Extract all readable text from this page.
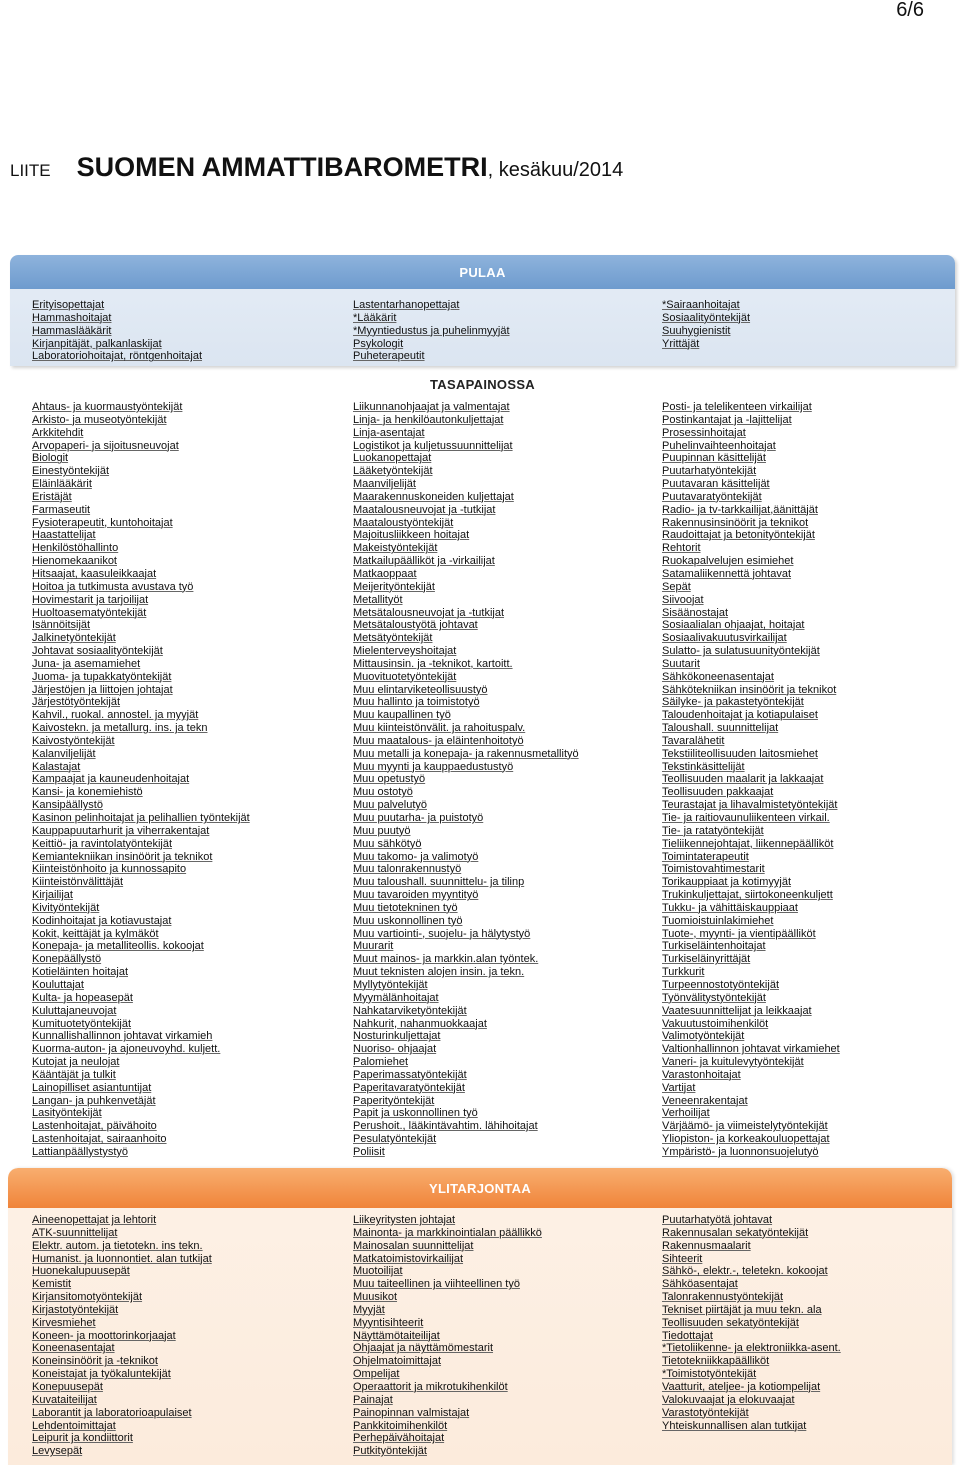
6/6
LIITE SUOMEN AMMATTIBAROMETRI, kesäkuu/2014
PULAA
Erityisopettajat
Hammashoitajat
Hammaslääkärit
Kirjanpitäjät, palkanlaskijat
Laboratoriohoitajat, röntgenhoitajat
Lastentarhanopettajat
*Lääkärit
*Myyntiedustus ja puhelinmyyjät
Psykologit
Puheterapeutit
*Sairaanhoitajat
Sosiaalityöntekijät
Suuhygienistit
Yrittäjät
TASAPAINOSSA
Ahtaus- ja kuormaustyöntekijät
Arkisto- ja museotyöntekijät
Arkkitehdit
Arvopaperi- ja sijoitusneuvojat
Biologit
Einestyöntekijät
Eläinlääkärit
Eristäjät
Farmaseutit
Fysioterapeutit, kuntohoitajat
Haastattelijat
Henkilöstöhallinto
Hienomekaanikot
Hitsaajat, kaasuleikkaajat
Hoitoa ja tutkimusta avustava työ
Hovimestarit ja tarjoilijat
Huoltoasematyöntekijät
Isännöitsijät
Jalkinetyöntekijät
Johtavat sosiaalityöntekijät
Juna- ja asemamiehet
Juoma- ja tupakkatyöntekijät
Järjestöjen ja liittojen johtajat
Järjestötyöntekijät
Kahvil., ruokal. annostel. ja myyjät
Kaivostekn. ja metallurg. ins. ja tekn
Kaivostyöntekijät
Kalanviljelijät
Kalastajat
Kampaajat ja kauneudenhoitajat
Kansi- ja konemiehistö
Kansipäällystö
Kasinon pelinhoitajat ja pelihallien työntekijät
Kauppapuutarhurit ja viherrakentajat
Keittiö- ja ravintolatyöntekijät
Kemiantekniikan insinöörit ja teknikot
Kiinteistönhoito ja kunnossapito
Kiinteistönvälittäjät
Kirjailijat
Kivityöntekijät
Kodinhoitajat ja kotiavustajat
Kokit, keittäjät ja kylmäköt
Konepaja- ja metalliteollis. kokoojat
Konepäällystö
Kotieläinten hoitajat
Kouluttajat
Kulta- ja hopeasepät
Kuluttajaneuvojat
Kumituotetyöntekijät
Kunnallishallinnon johtavat virkamieh
Kuorma-auton- ja ajoneuvoyhd. kuljett.
Kutojat ja neulojat
Kääntäjät ja tulkit
Lainopilliset asiantuntijat
Langan- ja puhkenvetäjät
Lasityöntekijät
Lastenhoitajat, päivähoito
Lastenhoitajat, sairaanhoito
Lattianpäällystystyö
Liikunnanohjaajat ja valmentajat
Linja- ja henkilöautonkuljettajat
Linja-asentajat
Logistikot ja kuljetussuunnittelijat
Luokanopettajat
Lääketyöntekijät
Maanviljelijät
Maarakennuskoneiden kuljettajat
Maatalousneuvojat ja -tutkijat
Maataloustyöntekijät
Majoitusliikkeen hoitajat
Makeistyöntekijät
Matkailupäälliköt ja -virkailijat
Matkaoppaat
Meijerityöntekijät
Metallityöt
Metsätalousneuvojat ja -tutkijat
Metsätaloustyötä johtavat
Metsätyöntekijät
Mielenterveyshoitajat
Mittausinsin. ja -teknikot, kartoitt.
Muovituotetyöntekijät
Muu elintarviketeollisuustyö
Muu hallinto ja toimistotyö
Muu kaupallinen työ
Muu kiinteistönvälit. ja rahoituspalv.
Muu maatalous- ja eläintenhoitotyö
Muu metalli ja konepaja- ja rakennusmetallityö
Muu myynti ja kauppaedustustyö
Muu opetustyö
Muu ostotyö
Muu palvelutyö
Muu puutarha- ja puistotyö
Muu puutyö
Muu sähkötyö
Muu takomo- ja valimotyö
Muu talonrakennustyö
Muu taloushall. suunnittelu- ja tilinp
Muu tavaroiden myyntityö
Muu tietotekninen työ
Muu uskonnollinen työ
Muu vartiointi-, suojelu- ja hälytystyö
Muurarit
Muut mainos- ja markkin.alan työntek.
Muut teknisten alojen insin. ja tekn.
Myllytyöntekijät
Myymälänhoitajat
Nahkatarviketyöntekijät
Nahkurit, nahanmuokkaajat
Nosturinkuljettajat
Nuoriso- ohjaajat
Palomiehet
Paperimassatyöntekijät
Paperitavaratyöntekijät
Paperityöntekijät
Papit ja uskonnollinen työ
Perushoit., lääkintävahtim. lähihoitajat
Pesulatyöntekijät
Poliisit
Posti- ja telelikenteen virkailijat
Postinkantajat ja -lajittelijat
Prosessinhoitajat
Puhelinvaihteenhoitajat
Puupinnan käsittelijät
Puutarhatyöntekijät
Puutavaran käsittelijät
Puutavaratyöntekijät
Radio- ja tv-tarkkailijat,äänittäjät
Rakennusinsinöörit ja teknikot
Raudoittajat ja betonityöntekijät
Rehtorit
Ruokapalvelujen esimiehet
Satamaliikennettä johtavat
Sepät
Siivoojat
Sisäänostajat
Sosiaalialan ohjaajat, hoitajat
Sosiaalivakuutusvirkailijat
Sulatto- ja sulatusuunityöntekijät
Suutarit
Sähkökoneenasentajat
Sähkötekniikan insinöörit ja teknikot
Säilyke- ja pakastetyöntekijät
Taloudenhoitajat ja kotiapulaiset
Taloushall. suunnittelijat
Tavaralähetit
Tekstiiliteollisuuden laitosmiehet
Tekstinkäsittelijät
Teollisuuden maalarit ja lakkaajat
Teollisuuden pakkaajat
Teurastajat ja lihavalmistetyöntekijät
Tie- ja raitiovaunuliikenteen virkail.
Tie- ja ratatyöntekijät
Tieliikennejohtajat, liikennepäälliköt
Toimintaterapeutit
Toimistovahtimestarit
Torikauppiaat ja kotimyyjät
Trukinkuljettajat, siirtokoneenkuljett
Tukku- ja vähittäiskauppiaat
Tuomioistuinlakimiehet
Tuote-, myynti- ja vientipäälliköt
Turkiseläintenhoitajat
Turkiseläinyrittäjät
Turkkurit
Turpeennostotyöntekijät
Työnvälitystyöntekijät
Vaatesuunnittelijat ja leikkaajat
Vakuutustoimihenkilöt
Valimotyöntekijät
Valtionhallinnon johtavat virkamiehet
Vaneri- ja kuitulevytyöntekijät
Varastonhoitajat
Vartijat
Veneenrakentajat
Verhoilijat
Värjäämö- ja viimeistelytyöntekijät
Yliopiston- ja korkeakouluopettajat
Ympäristö- ja luonnonsuojelutyö
YLITARJONTAA
Aineenopettajat ja lehtorit
ATK-suunnittelijat
Elektr. autom. ja tietotekn. ins tekn.
Humanist. ja luonnontiet. alan tutkijat
Huonekalupuusepät
Kemistit
Kirjansitomotyöntekijät
Kirjastotyöntekijät
Kirvesmiehet
Koneen- ja moottorinkorjaajat
Koneenasentajat
Koneinsinöörit ja -teknikot
Koneistajat ja työkaluntekijät
Konepuusepät
Kuvataiteilijat
Laborantit ja laboratorioapulaiset
Lehdentoimittajat
Leipurit ja kondiittorit
Levysepät
Liikeyritysten johtajat
Mainonta- ja markkinointialan päällikkö
Mainosalan suunnittelijat
Matkatoimistovirkailijat
Muotoilijat
Muu taiteellinen ja viihteellinen työ
Muusikot
Myyjät
Myyntisihteerit
Näyttämötaiteilijat
Ohjaajat ja näyttämömestarit
Ohjelmatoimittajat
Ompelijat
Operaattorit ja mikrotukihenkilöt
Painajat
Painopinnan valmistajat
Pankkitoimihenkilöt
Perhepäivähoitajat
Putkityöntekijät
Puutarhatyötä johtavat
Rakennusalan sekatyöntekijät
Rakennusmaalarit
Sihteerit
Sähkö-, elektr.-, teletekn. kokoojat
Sähköasentajat
Talonrakennustyöntekijät
Tekniset piirtäjät ja muu tekn. ala
Teollisuuden sekatyöntekijät
Tiedottajat
*Tietoliikenne- ja elektroniikka-asent.
Tietotekniikkapäälliköt
*Toimistotyöntekijät
Vaatturit, ateljee- ja kotiompelijat
Valokuvaajat ja elokuvaajat
Varastotyöntekijät
Yhteiskunnallisen alan tutkijat
